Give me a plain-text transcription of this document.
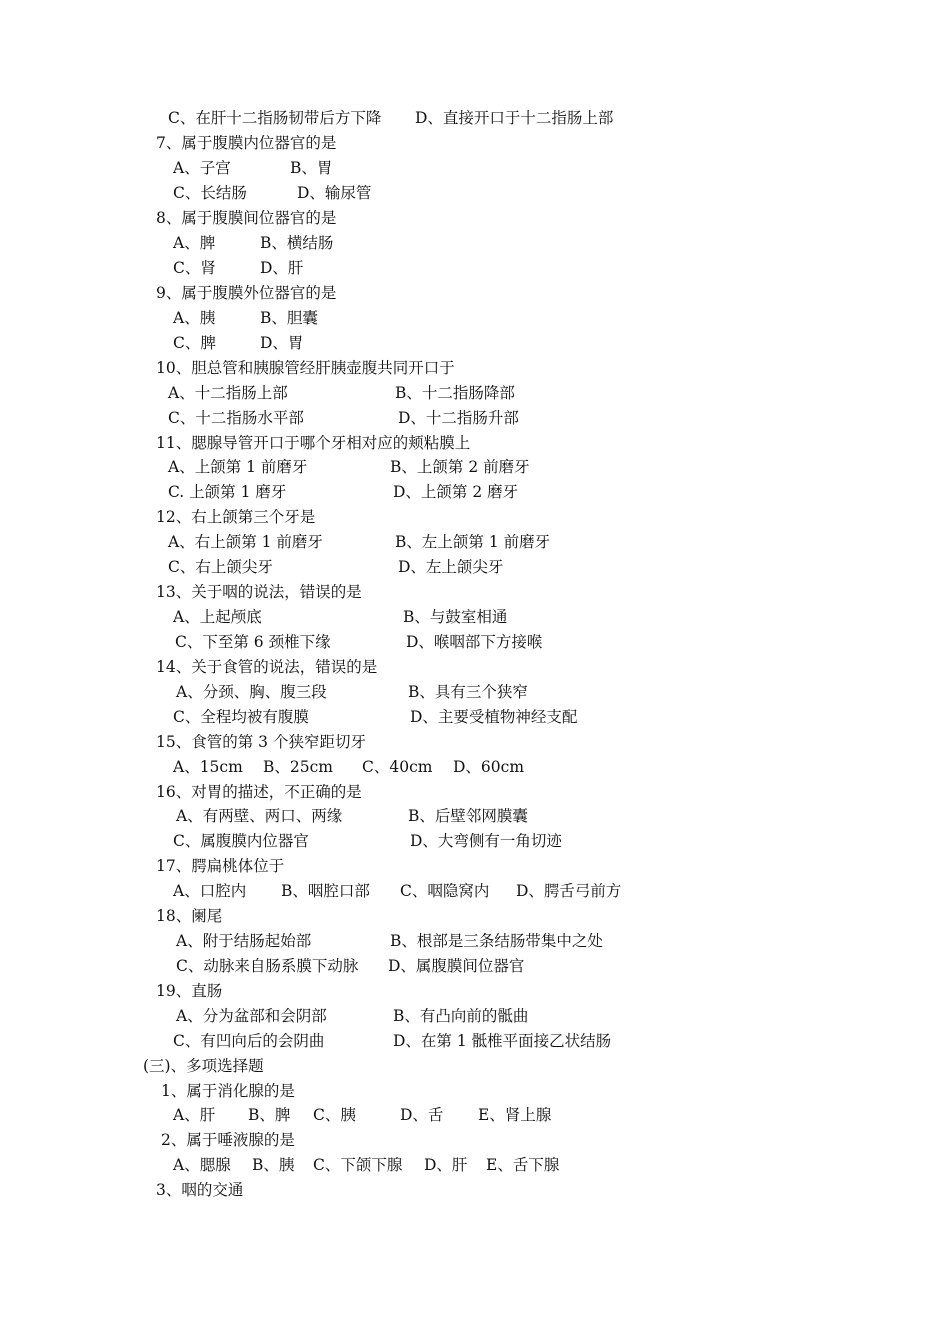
C、在肝十二指肠韧带后方下降 D、直接开口于十二指肠上部
7、属于腹膜内位器官的是
A、子宫	B、胃
C、长结肠	D、输尿管
8、属于腹膜间位器官的是
A、脾	B、横结肠
C、肾	D、肝
9、属于腹膜外位器官的是
A、胰	B、胆囊
C、脾	D、胃
10、胆总管和胰腺管经肝胰壶腹共同开口于
A、十二指肠上部	B、十二指肠降部
C、十二指肠水平部	D、十二指肠升部
11、腮腺导管开口于哪个牙相对应的颊粘膜上
A、上颌第 1 前磨牙	B、上颌第 2 前磨牙
C. 上颌第 1 磨牙	D、上颌第 2 磨牙
12、右上颌第三个牙是
A、右上颌第 1 前磨牙	B、左上颌第 1 前磨牙
C、右上颌尖牙	D、左上颌尖牙
13、关于咽的说法，错误的是
A、上起颅底	B、与鼓室相通
C、下至第 6 颈椎下缘	D、喉咽部下方接喉
14、关于食管的说法，错误的是
A、分颈、胸、腹三段	B、具有三个狭窄
C、全程均被有腹膜	D、主要受植物神经支配
15、食管的第 3 个狭窄距切牙
A、15cm B、25cm C、40cm D、60cm
16、对胃的描述，不正确的是
A、有两壁、两口、两缘	B、后壁邻网膜囊
C、属腹膜内位器官	D、大弯侧有一角切迹
17、腭扁桃体位于
A、口腔内 B、咽腔口部 C、咽隐窝内 D、腭舌弓前方
18、阑尾
A、附于结肠起始部	B、根部是三条结肠带集中之处
C、动脉来自肠系膜下动脉 D、属腹膜间位器官
19、直肠
A、分为盆部和会阴部	B、有凸向前的骶曲
C、有凹向后的会阴曲	D、在第 1 骶椎平面接乙状结肠
(三)、多项选择题
1、属于消化腺的是
A、肝 B、脾 C、胰	D、舌 E、肾上腺
2、属于唾液腺的是
A、腮腺 B、胰 C、下颌下腺 D、肝 E、舌下腺
3、咽的交通
